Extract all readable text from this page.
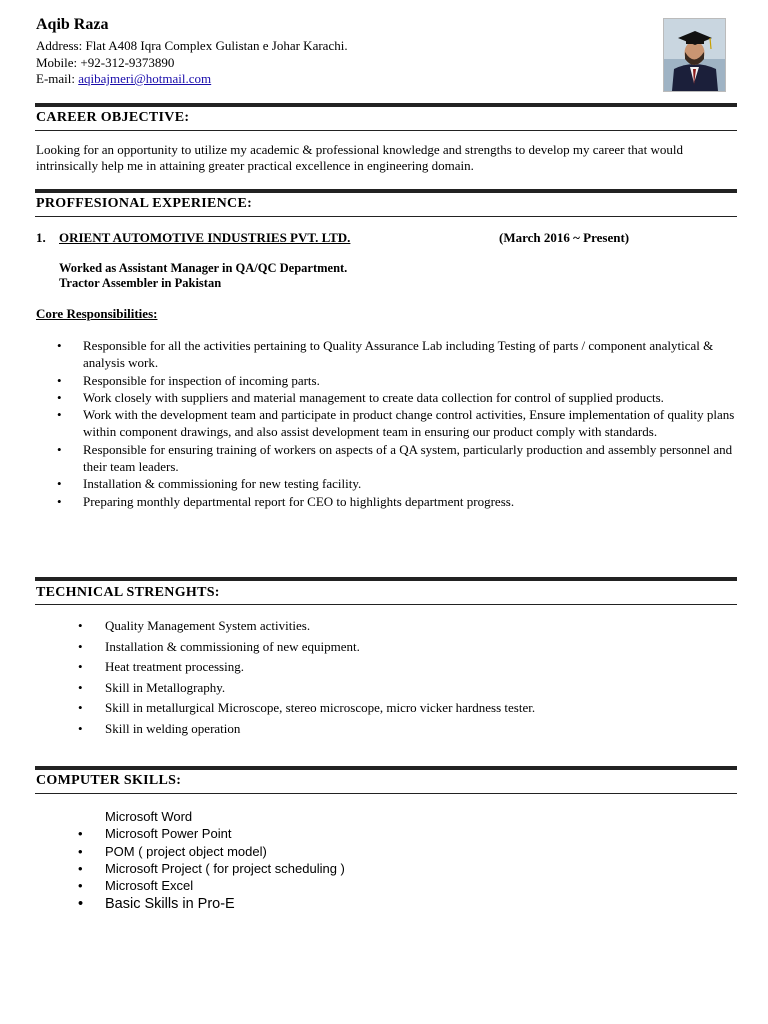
Aqib Raza
Address: Flat A408 Iqra Complex Gulistan e Johar Karachi.
Mobile: +92-312-9373890
E-mail: aqibajmeri@hotmail.com
CAREER OBJECTIVE:
Looking for an opportunity to utilize my academic & professional knowledge and strengths to develop my career that would intrinsically help me in attaining greater practical excellence in engineering domain.
PROFFESIONAL EXPERIENCE:
1. ORIENT AUTOMOTIVE INDUSTRIES PVT. LTD.	(March 2016 ~ Present)
Worked as Assistant Manager in QA/QC Department.
Tractor Assembler in Pakistan
Core Responsibilities:
• Responsible for all the activities pertaining to Quality Assurance Lab including Testing of parts / component analytical & analysis work.
• Responsible for inspection of incoming parts.
• Work closely with suppliers and material management to create data collection for control of supplied products.
• Work with the development team and participate in product change control activities, Ensure implementation of quality plans within component drawings, and also assist development team in ensuring our product comply with standards.
• Responsible for ensuring training of workers on aspects of a QA system, particularly production and assembly personnel and their team leaders.
• Installation & commissioning for new testing facility.
• Preparing monthly departmental report for CEO to highlights department progress.
TECHNICAL STRENGHTS:
• Quality Management System activities.
• Installation & commissioning of new equipment.
• Heat treatment processing.
• Skill in Metallography.
• Skill in metallurgical Microscope, stereo microscope, micro vicker hardness tester.
• Skill in welding operation
COMPUTER SKILLS:
Microsoft Word
• Microsoft Power Point
• POM ( project object model)
• Microsoft Project ( for project scheduling )
• Microsoft Excel
• Basic Skills in Pro-E
